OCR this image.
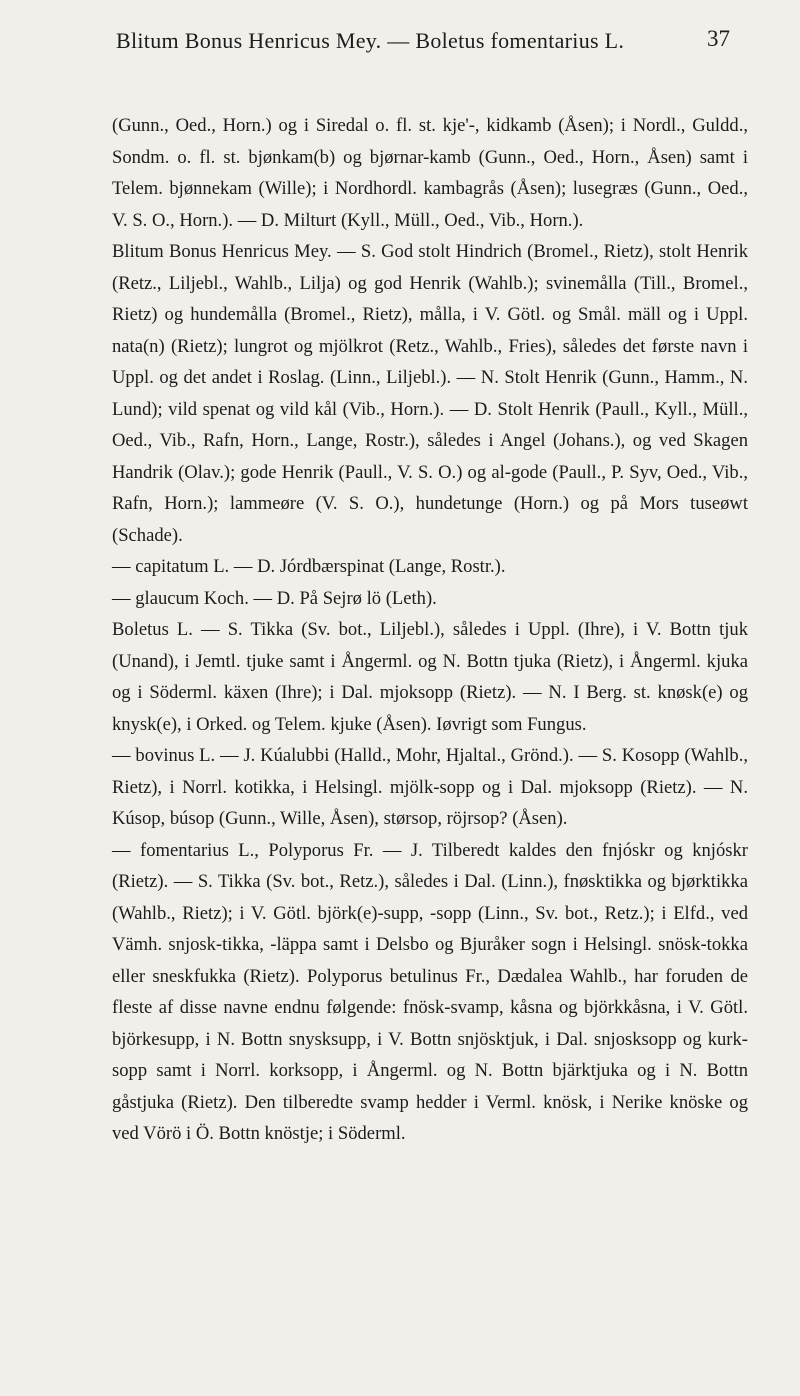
Blitum Bonus Henricus Mey. — Boletus fomentarius L.	37

(Gunn., Oed., Horn.) og i Siredal o. fl. st. kje'-, kidkamb (Åsen); i Nordl., Guldd., Sondm. o. fl. st. bjønkam(b) og bjørnar-kamb (Gunn., Oed., Horn., Åsen) samt i Telem. bjønnekam (Wille); i Nordhordl. kambagrås (Åsen); lusegræs (Gunn., Oed., V. S. O., Horn.). — D. Milturt (Kyll., Müll., Oed., Vib., Horn.).

Blitum Bonus Henricus Mey. — S. God stolt Hindrich (Bromel., Rietz), stolt Henrik (Retz., Liljebl., Wahlb., Lilja) og god Henrik (Wahlb.); svinemålla (Till., Bromel., Rietz) og hundemålla (Bromel., Rietz), målla, i V. Götl. og Smål. mäll og i Uppl. nata(n) (Rietz); lungrot og mjölkrot (Retz., Wahlb., Fries), således det første navn i Uppl. og det andet i Roslag. (Linn., Liljebl.). — N. Stolt Henrik (Gunn., Hamm., N. Lund); vild spenat og vild kål (Vib., Horn.). — D. Stolt Henrik (Paull., Kyll., Müll., Oed., Vib., Rafn, Horn., Lange, Rostr.), således i Angel (Johans.), og ved Skagen Handrik (Olav.); gode Henrik (Paull., V. S. O.) og al-gode (Paull., P. Syv, Oed., Vib., Rafn, Horn.); lammeøre (V. S. O.), hundetunge (Horn.) og på Mors tuseøwt (Schade).

— capitatum L. — D. Jórdbærspinat (Lange, Rostr.).

— glaucum Koch. — D. På Sejrø lö (Leth).

Boletus L. — S. Tikka (Sv. bot., Liljebl.), således i Uppl. (Ihre), i V. Bottn tjuk (Unand), i Jemtl. tjuke samt i Ångerml. og N. Bottn tjuka (Rietz), i Ångerml. kjuka og i Söderml. käxen (Ihre); i Dal. mjoksopp (Rietz). — N. I Berg. st. knøsk(e) og knysk(e), i Orked. og Telem. kjuke (Åsen). Iøvrigt som Fungus.

— bovinus L. — J. Kúalubbi (Halld., Mohr, Hjaltal., Grönd.). — S. Kosopp (Wahlb., Rietz), i Norrl. kotikka, i Helsingl. mjölk-sopp og i Dal. mjoksopp (Rietz). — N. Kúsop, búsop (Gunn., Wille, Åsen), størsop, röjrsop? (Åsen).

— fomentarius L., Polyporus Fr. — J. Tilberedt kaldes den fnjóskr og knjóskr (Rietz). — S. Tikka (Sv. bot., Retz.), således i Dal. (Linn.), fnøsktikka og bjørktikka (Wahlb., Rietz); i V. Götl. björk(e)-supp, -sopp (Linn., Sv. bot., Retz.); i Elfd., ved Vämh. snjosk-tikka, -läppa samt i Delsbo og Bjuråker sogn i Helsingl. snösk-tokka eller sneskfukka (Rietz). Polyporus betulinus Fr., Dædalea Wahlb., har foruden de fleste af disse navne endnu følgende: fnösk-svamp, kåsna og björkkåsna, i V. Götl. björkesupp, i N. Bottn snysksupp, i V. Bottn snjösktjuk, i Dal. snjosksopp og kurk-sopp samt i Norrl. korksopp, i Ångerml. og N. Bottn bjärktjuka og i N. Bottn gåstjuka (Rietz). Den tilberedte svamp hedder i Verml. knösk, i Nerike knöske og ved Vörö i Ö. Bottn knöstje; i Söderml.
